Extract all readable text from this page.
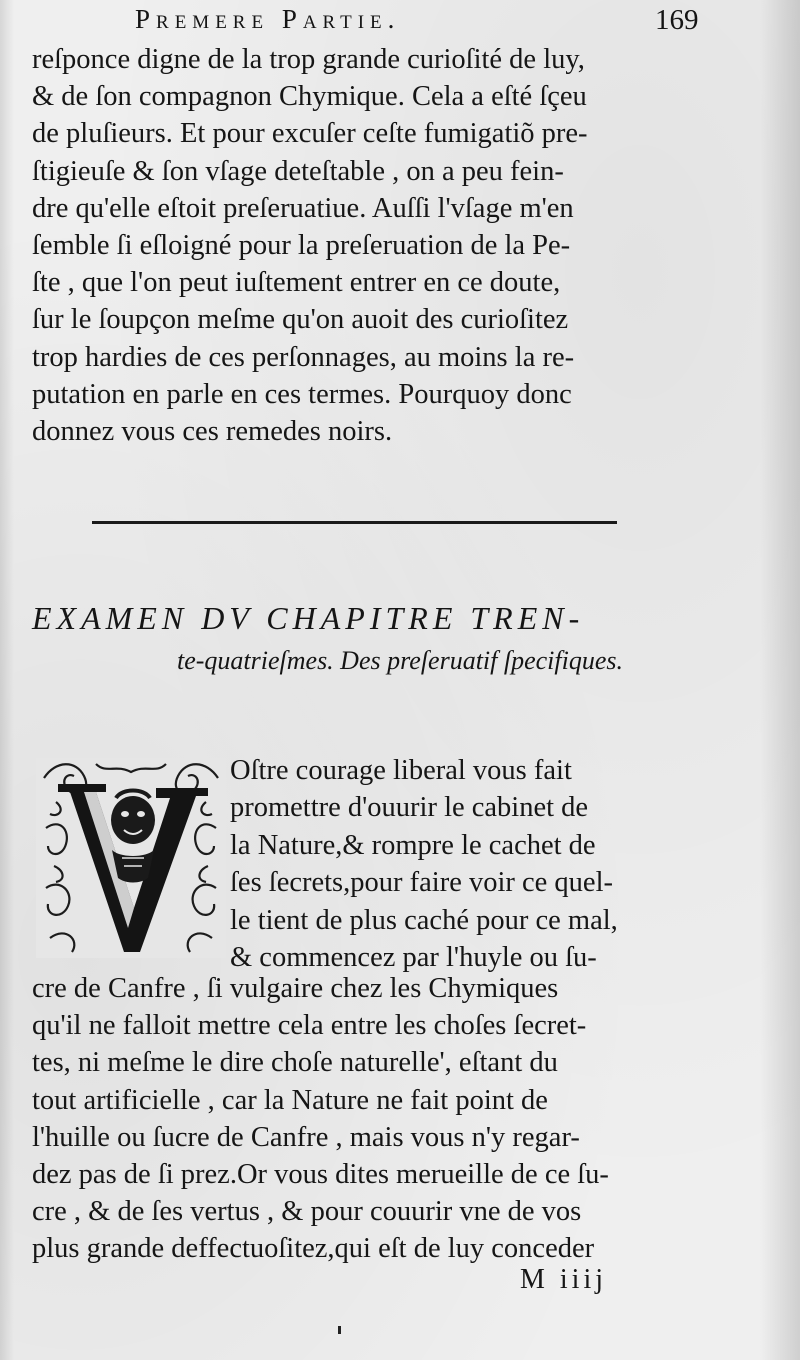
Premere Partie.	169
reſponce digne de la trop grande curioſité de luy,
& de ſon compagnon Chymique. Cela a eſté ſçeu
de pluſieurs. Et pour excuſer ceſte fumigatiõ pre-
ſtigieuſe & ſon vſage deteſtable , on a peu fein-
dre qu'elle eſtoit preſeruatiue. Auſſi l'vſage m'en
ſemble ſi eſloigné pour la preſeruation de la Pe-
ſte , que l'on peut iuſtement entrer en ce doute,
ſur le ſoupçon meſme qu'on auoit des curioſitez
trop hardies de ces perſonnages, au moins la re-
putation en parle en ces termes. Pourquoy donc
donnez vous ces remedes noirs.
EXAMEN DV CHAPITRE TREN-
te-quatrieſmes. Des preſeruatif ſpecifiques.
Oſtre courage liberal vous fait
promettre d'ouurir le cabinet de
la Nature,& rompre le cachet de
ſes ſecrets,pour faire voir ce quel-
le tient de plus caché pour ce mal,
& commencez par l'huyle ou ſu-
cre de Canfre , ſi vulgaire chez les Chymiques
qu'il ne falloit mettre cela entre les choſes ſecret-
tes, ni meſme le dire choſe naturelle', eſtant du
tout artificielle , car la Nature ne fait point de
l'huille ou ſucre de Canfre , mais vous n'y regar-
dez pas de ſi prez.Or vous dites merueille de ce ſu-
cre , & de ſes vertus , & pour couurir vne de vos
plus grande deffectuoſitez,qui eſt de luy conceder
M iiij
